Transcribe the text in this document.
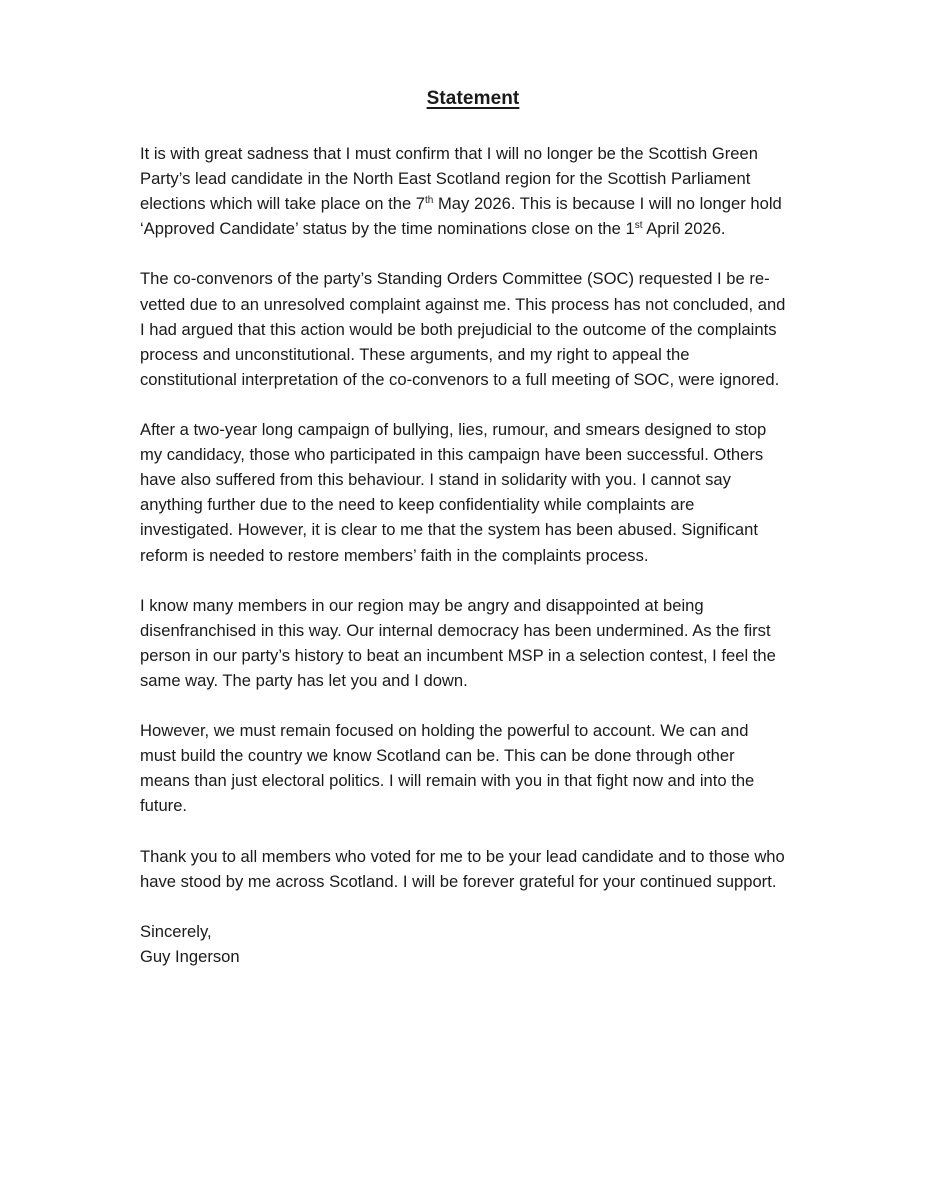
Statement

It is with great sadness that I must confirm that I will no longer be the Scottish Green
Party’s lead candidate in the North East Scotland region for the Scottish Parliament
elections which will take place on the 7th May 2026. This is because I will no longer hold
‘Approved Candidate’ status by the time nominations close on the 1st April 2026.

The co-convenors of the party’s Standing Orders Committee (SOC) requested I be re-
vetted due to an unresolved complaint against me. This process has not concluded, and
I had argued that this action would be both prejudicial to the outcome of the complaints
process and unconstitutional. These arguments, and my right to appeal the
constitutional interpretation of the co-convenors to a full meeting of SOC, were ignored.

After a two-year long campaign of bullying, lies, rumour, and smears designed to stop
my candidacy, those who participated in this campaign have been successful. Others
have also suffered from this behaviour. I stand in solidarity with you. I cannot say
anything further due to the need to keep confidentiality while complaints are
investigated. However, it is clear to me that the system has been abused. Significant
reform is needed to restore members’ faith in the complaints process.

I know many members in our region may be angry and disappointed at being
disenfranchised in this way. Our internal democracy has been undermined. As the first
person in our party’s history to beat an incumbent MSP in a selection contest, I feel the
same way. The party has let you and I down.

However, we must remain focused on holding the powerful to account. We can and
must build the country we know Scotland can be. This can be done through other
means than just electoral politics. I will remain with you in that fight now and into the
future.

Thank you to all members who voted for me to be your lead candidate and to those who
have stood by me across Scotland. I will be forever grateful for your continued support.

Sincerely,
Guy Ingerson
